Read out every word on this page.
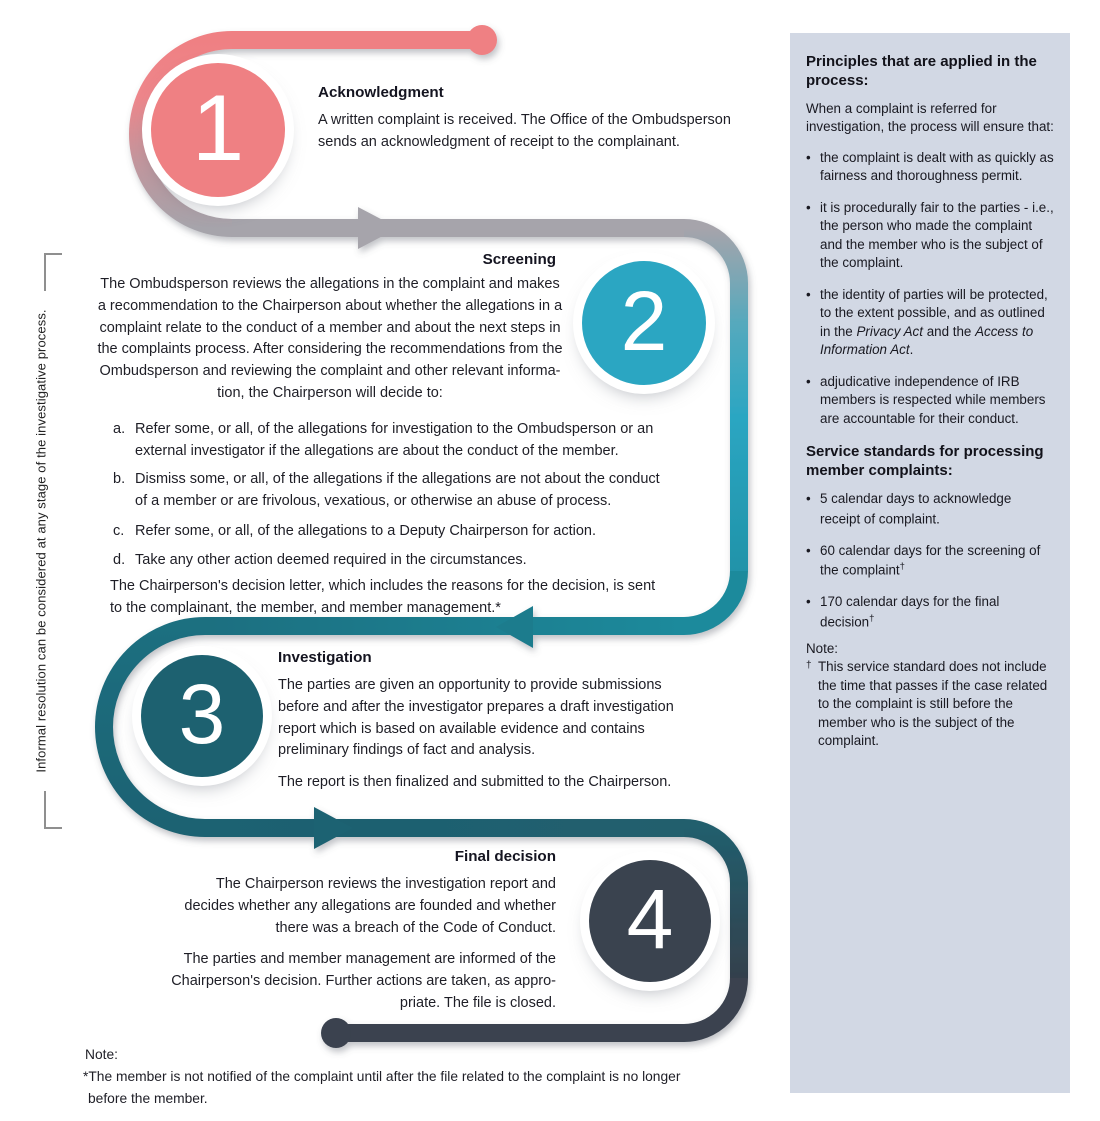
1
2
3
4
Informal resolution can be considered at any stage of the investigative process.
Acknowledgment
A written complaint is received. The Office of the Ombudsperson
sends an acknowledgment of receipt to the complainant.
Screening
The Ombudsperson reviews the allegations in the complaint and makes
a recommendation to the Chairperson about whether the allegations in a
complaint relate to the conduct of a member and about the next steps in
the complaints process. After considering the recommendations from the
Ombudsperson and reviewing the complaint and other relevant informa-
tion, the Chairperson will decide to:
a. Refer some, or all, of the allegations for investigation to the Ombudsperson or an
external investigator if the allegations are about the conduct of the member.
b. Dismiss some, or all, of the allegations if the allegations are not about the conduct
of a member or are frivolous, vexatious, or otherwise an abuse of process.
c. Refer some, or all, of the allegations to a Deputy Chairperson for action.
d. Take any other action deemed required in the circumstances.
The Chairperson's decision letter, which includes the reasons for the decision, is sent
to the complainant, the member, and member management.*
Investigation
The parties are given an opportunity to provide submissions
before and after the investigator prepares a draft investigation
report which is based on available evidence and contains
preliminary findings of fact and analysis.
The report is then finalized and submitted to the Chairperson.
Final decision
The Chairperson reviews the investigation report and
decides whether any allegations are founded and whether
there was a breach of the Code of Conduct.
The parties and member management are informed of the
Chairperson's decision. Further actions are taken, as appro-
priate. The file is closed.
Note:
*The member is not notified of the complaint until after the file related to the complaint is no longer
before the member.
Principles that are applied in the process:
When a complaint is referred for investigation, the process will ensure that:
• the complaint is dealt with as quickly as fairness and thoroughness permit.
• it is procedurally fair to the parties - i.e., the person who made the complaint and the member who is the subject of the complaint.
• the identity of parties will be protected, to the extent possible, and as outlined in the Privacy Act and the Access to Information Act.
• adjudicative independence of IRB members is respected while members are accountable for their conduct.
Service standards for processing member complaints:
• 5 calendar days to acknowledge receipt of complaint.
• 60 calendar days for the screening of the complaint†
• 170 calendar days for the final decision†
Note:
† This service standard does not include the time that passes if the case related to the complaint is still before the member who is the subject of the complaint.
